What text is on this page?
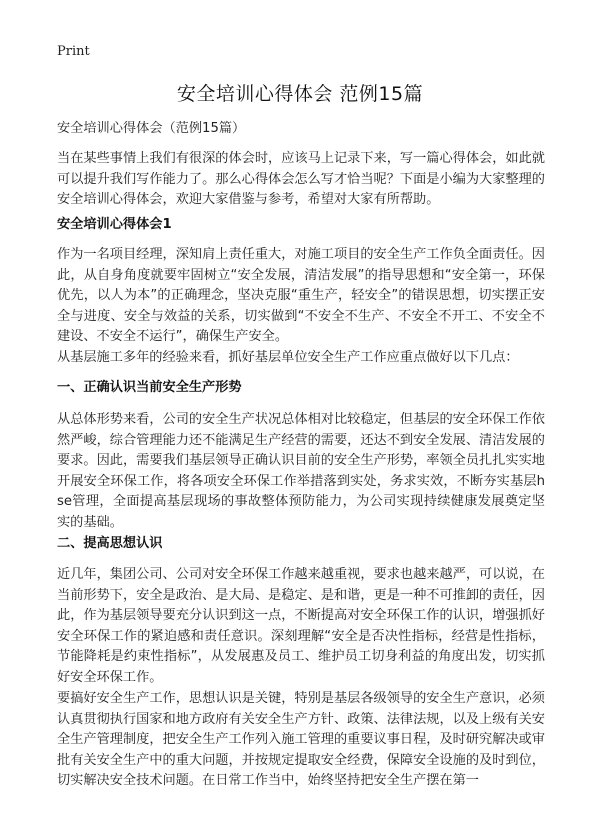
Print
安全培训心得体会 范例15篇

安全培训心得体会（范例15篇）

当在某些事情上我们有很深的体会时，应该马上记录下来，写一篇心得体会，如此就可以提升我们写作能力了。那么心得体会怎么写才恰当呢？下面是小编为大家整理的安全培训心得体会，欢迎大家借鉴与参考，希望对大家有所帮助。

安全培训心得体会1

作为一名项目经理，深知肩上责任重大，对施工项目的安全生产工作负全面责任。因此，从自身角度就要牢固树立“安全发展，清洁发展”的指导思想和“安全第一，环保优先，以人为本”的正确理念，坚决克服“重生产，轻安全”的错误思想，切实摆正安全与进度、安全与效益的关系，切实做到“不安全不生产、不安全不开工、不安全不建设、不安全不运行”，确保生产安全。

从基层施工多年的经验来看，抓好基层单位安全生产工作应重点做好以下几点：

一、正确认识当前安全生产形势

从总体形势来看，公司的安全生产状况总体相对比较稳定，但基层的安全环保工作依然严峻，综合管理能力还不能满足生产经营的需要，还达不到安全发展、清洁发展的要求。因此，需要我们基层领导正确认识目前的安全生产形势，率领全员扎扎实实地开展安全环保工作，将各项安全环保工作举措落到实处，务求实效，不断夯实基层hse管理，全面提高基层现场的事故整体预防能力，为公司实现持续健康发展奠定坚实的基础。

二、提高思想认识

近几年，集团公司、公司对安全环保工作越来越重视，要求也越来越严，可以说，在当前形势下，安全是政治、是大局、是稳定、是和谐，更是一种不可推卸的责任，因此，作为基层领导要充分认识到这一点，不断提高对安全环保工作的认识，增强抓好安全环保工作的紧迫感和责任意识。深刻理解“安全是否决性指标，经营是性指标，节能降耗是约束性指标”，从发展惠及员工、维护员工切身利益的角度出发，切实抓好安全环保工作。

要搞好安全生产工作，思想认识是关键，特别是基层各级领导的安全生产意识，必须认真贯彻执行国家和地方政府有关安全生产方针、政策、法律法规，以及上级有关安全生产管理制度，把安全生产工作列入施工管理的重要议事日程，及时研究解决或审批有关安全生产中的重大问题，并按规定提取安全经费，保障安全设施的及时到位，切实解决安全技术问题。在日常工作当中，始终坚持把安全生产摆在第一
